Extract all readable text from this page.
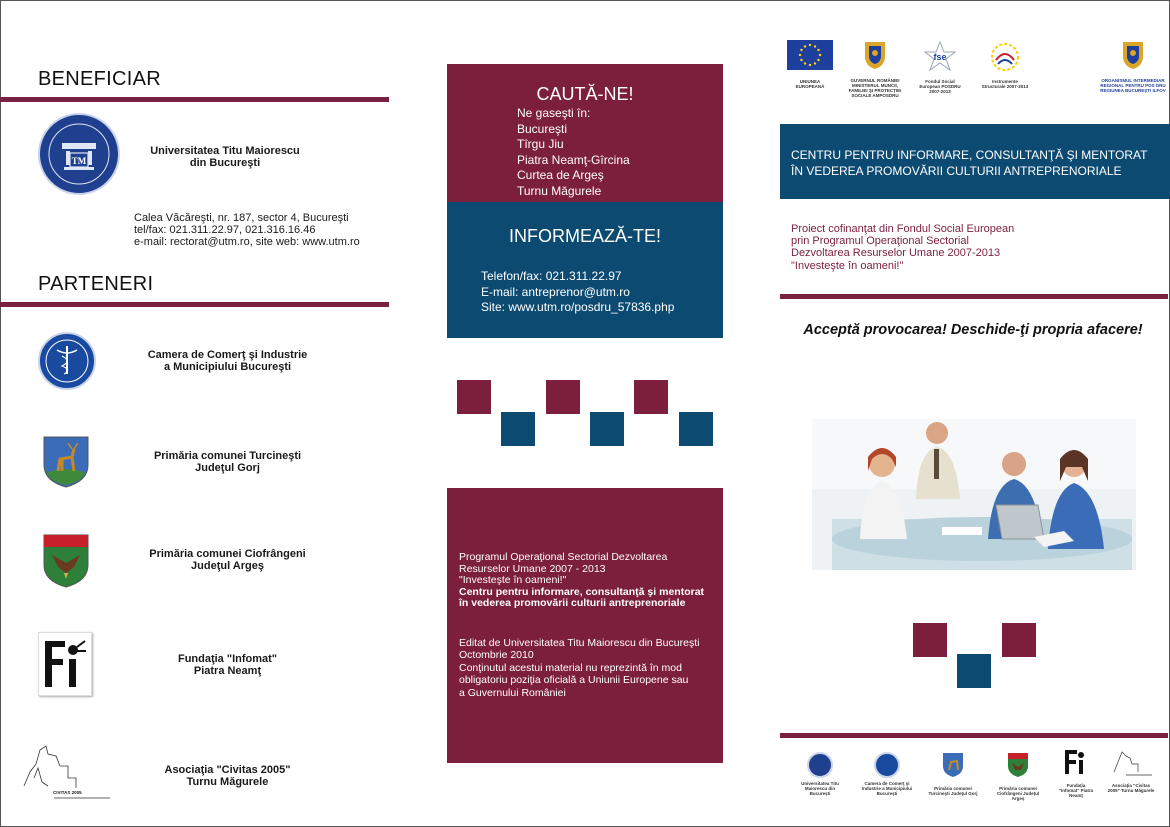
BENEFICIAR
TM
Universitatea Titu Maiorescu
din Bucureşti
Calea Văcăreşti, nr. 187, sector 4, Bucureşti
tel/fax: 021.311.22.97, 021.316.16.46
e-mail: rectorat@utm.ro, site web: www.utm.ro
PARTENERI
Camera de Comerţ şi Industrie
a Municipiului Bucureşti
Primăria comunei Turcineşti
Judeţul Gorj
Primăria comunei Ciofrângeni
Judeţul Argeş
Fundaţia "Infomat"
Piatra Neamţ
CIVITAS 2005
Asociaţia "Civitas 2005"
Turnu Măgurele
CAUTĂ-NE!
Ne gaseşti în:
Bucureşti
Tîrgu Jiu
Piatra Neamţ-Gîrcina
Curtea de Argeş
Turnu Măgurele
INFORMEAZĂ-TE!
Telefon/fax: 021.311.22.97
E-mail: antreprenor@utm.ro
Site: www.utm.ro/posdru_57836.php
Programul Operaţional Sectorial Dezvoltarea
Resurselor Umane 2007 - 2013
"Investeşte în oameni!"
Centru pentru informare, consultanţă şi mentorat
în vederea promovării culturii antreprenoriale
Editat de Universitatea Titu Maiorescu din Bucureşti
Octombrie 2010
Conţinutul acestui material nu reprezintă în mod
obligatoriu poziţia oficială a Uniunii Europene sau
a Guvernului României
UNIUNEA EUROPEANĂ
GUVERNUL ROMÂNIEI MINISTERUL MUNCII, FAMILIEI ŞI PROTECŢIEI SOCIALE AMPOSDRU
fse
Fondul Social European POSDRU 2007-2013
Instrumente Structurale 2007-2013
ORGANISMUL INTERMEDIAR REGIONAL PENTRU POS DRU REGIUNEA BUCUREŞTI ILFOV
CENTRU PENTRU INFORMARE, CONSULTANŢĂ ŞI MENTORAT
ÎN VEDEREA PROMOVĂRII CULTURII ANTREPRENORIALE
Proiect cofinanţat din Fondul Social European
prin Programul Operaţional Sectorial
Dezvoltarea Resurselor Umane 2007-2013
"Investeşte în oameni!"
Acceptă provocarea! Deschide-ţi propria afacere!
Universitatea Titu Maiorescu din Bucureşti
Camera de Comerţ şi Industrie a Municipiului Bucureşti
Primăria comunei Turcineşti Judeţul Gorj
Primăria comunei Ciofrângeni Judeţul Argeş
Fundaţia "Infomat" Piatra Neamţ
Asociaţia "Civitas 2005" Turnu Măgurele
